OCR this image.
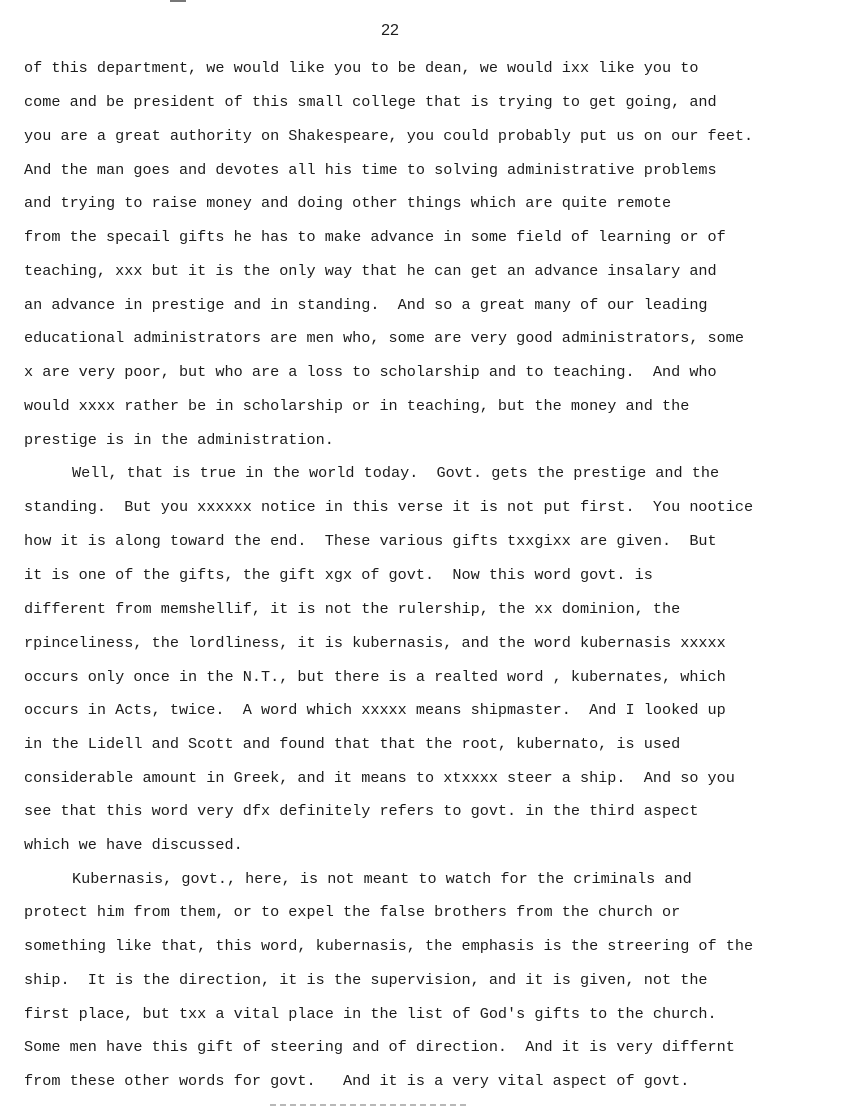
22
of this department, we would like you to be dean, we would ixx like you to
come and be president of this small college that is trying to get going, and
you are a great authority on Shakespeare, you could probably put us on our feet.
And the man goes and devotes all his time to solving administrative problems
and trying to raise money and doing other things which are quite remote
from the specail gifts he has to make advance in some field of learning or of
teaching, xxx but it is the only way that he can get an advance insalary and
an advance in prestige and in standing.  And so a great many of our leading
educational administrators are men who, some are very good administrators, some
x are very poor, but who are a loss to scholarship and to teaching.  And who
would xxxx rather be in scholarship or in teaching, but the money and the
prestige is in the administration.
Well, that is true in the world today.  Govt. gets the prestige and the
standing.  But you xxxxxx notice in this verse it is not put first.  You nootice
how it is along toward the end.  These various gifts txxgixx are given.  But
it is one of the gifts, the gift xgx of govt.  Now this word govt. is
different from memshellif, it is not the rulership, the xx dominion, the
rpinceliness, the lordliness, it is kubernasis, and the word kubernasis xxxxx
occurs only once in the N.T., but there is a realted word , kubernates, which
occurs in Acts, twice.  A word which xxxxx means shipmaster.  And I looked up
in the Lidell and Scott and found that that the root, kubernato, is used
considerable amount in Greek, and it means to xtxxxx steer a ship.  And so you
see that this word very dfx definitely refers to govt. in the third aspect
which we have discussed.
Kubernasis, govt., here, is not meant to watch for the criminals and
protect him from them, or to expel the false brothers from the church or
something like that, this word, kubernasis, the emphasis is the streering of the
ship.  It is the direction, it is the supervision, and it is given, not the
first place, but txx a vital place in the list of God's gifts to the church.
Some men have this gift of steering and of direction.  And it is very differnt
from these other words for govt.   And it is a very vital aspect of govt.
